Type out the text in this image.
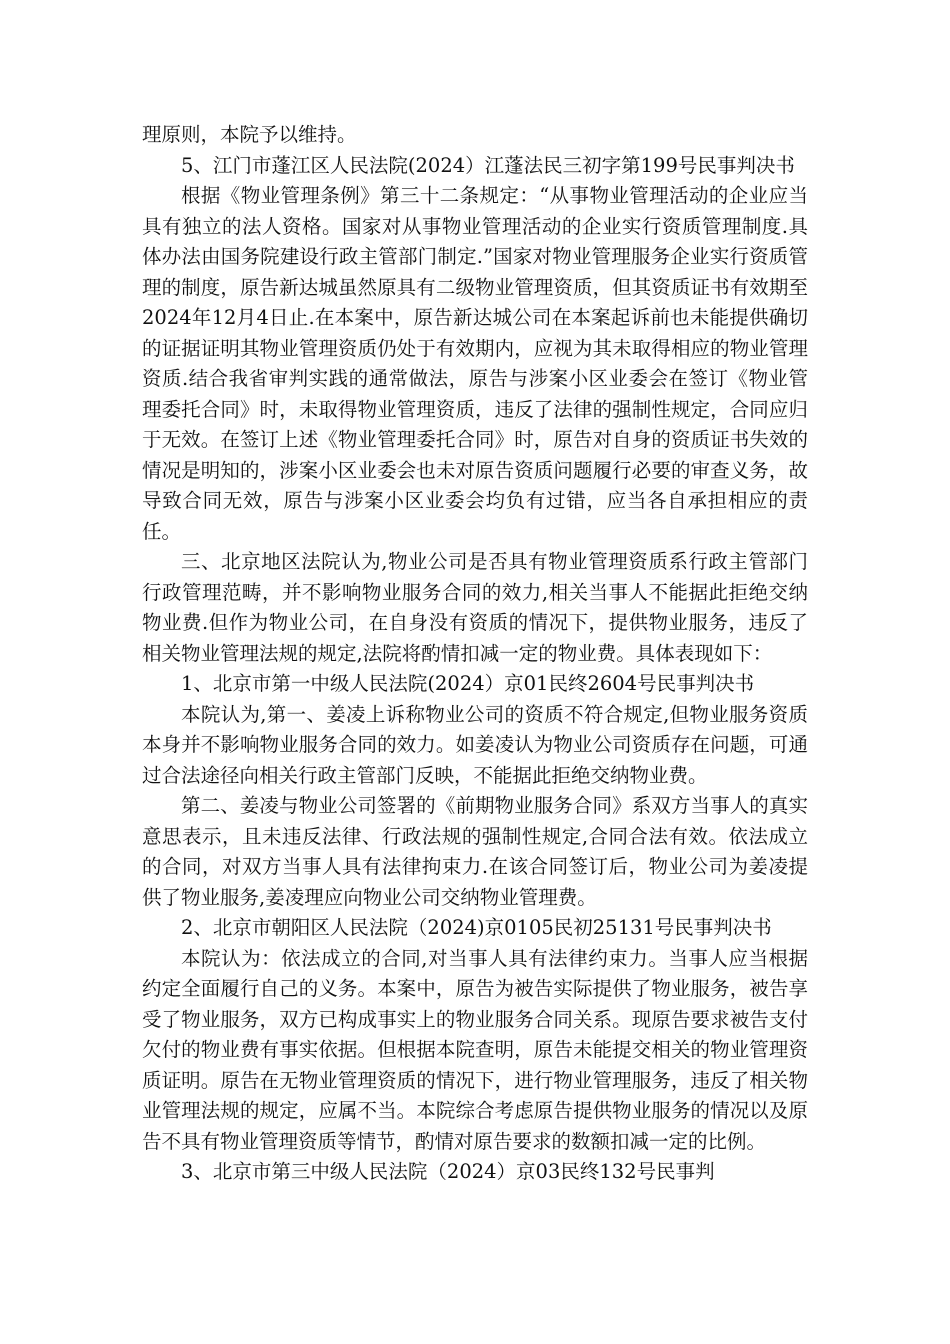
理原则，本院予以维持。

5、江门市蓬江区人民法院(2024）江蓬法民三初字第199号民事判决书

根据《物业管理条例》第三十二条规定：“从事物业管理活动的企业应当具有独立的法人资格。国家对从事物业管理活动的企业实行资质管理制度.具体办法由国务院建设行政主管部门制定.”国家对物业管理服务企业实行资质管理的制度，原告新达城虽然原具有二级物业管理资质，但其资质证书有效期至2024年12月4日止.在本案中，原告新达城公司在本案起诉前也未能提供确切的证据证明其物业管理资质仍处于有效期内，应视为其未取得相应的物业管理资质.结合我省审判实践的通常做法，原告与涉案小区业委会在签订《物业管理委托合同》时，未取得物业管理资质，违反了法律的强制性规定，合同应归于无效。在签订上述《物业管理委托合同》时，原告对自身的资质证书失效的情况是明知的，涉案小区业委会也未对原告资质问题履行必要的审查义务，故导致合同无效，原告与涉案小区业委会均负有过错，应当各自承担相应的责任。

三、北京地区法院认为,物业公司是否具有物业管理资质系行政主管部门行政管理范畴，并不影响物业服务合同的效力,相关当事人不能据此拒绝交纳物业费.但作为物业公司，在自身没有资质的情况下，提供物业服务，违反了相关物业管理法规的规定,法院将酌情扣减一定的物业费。具体表现如下：

1、北京市第一中级人民法院(2024）京01民终2604号民事判决书

本院认为,第一、姜凌上诉称物业公司的资质不符合规定,但物业服务资质本身并不影响物业服务合同的效力。如姜凌认为物业公司资质存在问题，可通过合法途径向相关行政主管部门反映，不能据此拒绝交纳物业费。

第二、姜凌与物业公司签署的《前期物业服务合同》系双方当事人的真实意思表示，且未违反法律、行政法规的强制性规定,合同合法有效。依法成立的合同，对双方当事人具有法律拘束力.在该合同签订后，物业公司为姜凌提供了物业服务,姜凌理应向物业公司交纳物业管理费。

2、北京市朝阳区人民法院（2024)京0105民初25131号民事判决书

本院认为：依法成立的合同,对当事人具有法律约束力。当事人应当根据约定全面履行自己的义务。本案中，原告为被告实际提供了物业服务，被告享受了物业服务，双方已构成事实上的物业服务合同关系。现原告要求被告支付欠付的物业费有事实依据。但根据本院查明，原告未能提交相关的物业管理资质证明。原告在无物业管理资质的情况下，进行物业管理服务，违反了相关物业管理法规的规定，应属不当。本院综合考虑原告提供物业服务的情况以及原告不具有物业管理资质等情节，酌情对原告要求的数额扣减一定的比例。

3、北京市第三中级人民法院（2024）京03民终132号民事判
